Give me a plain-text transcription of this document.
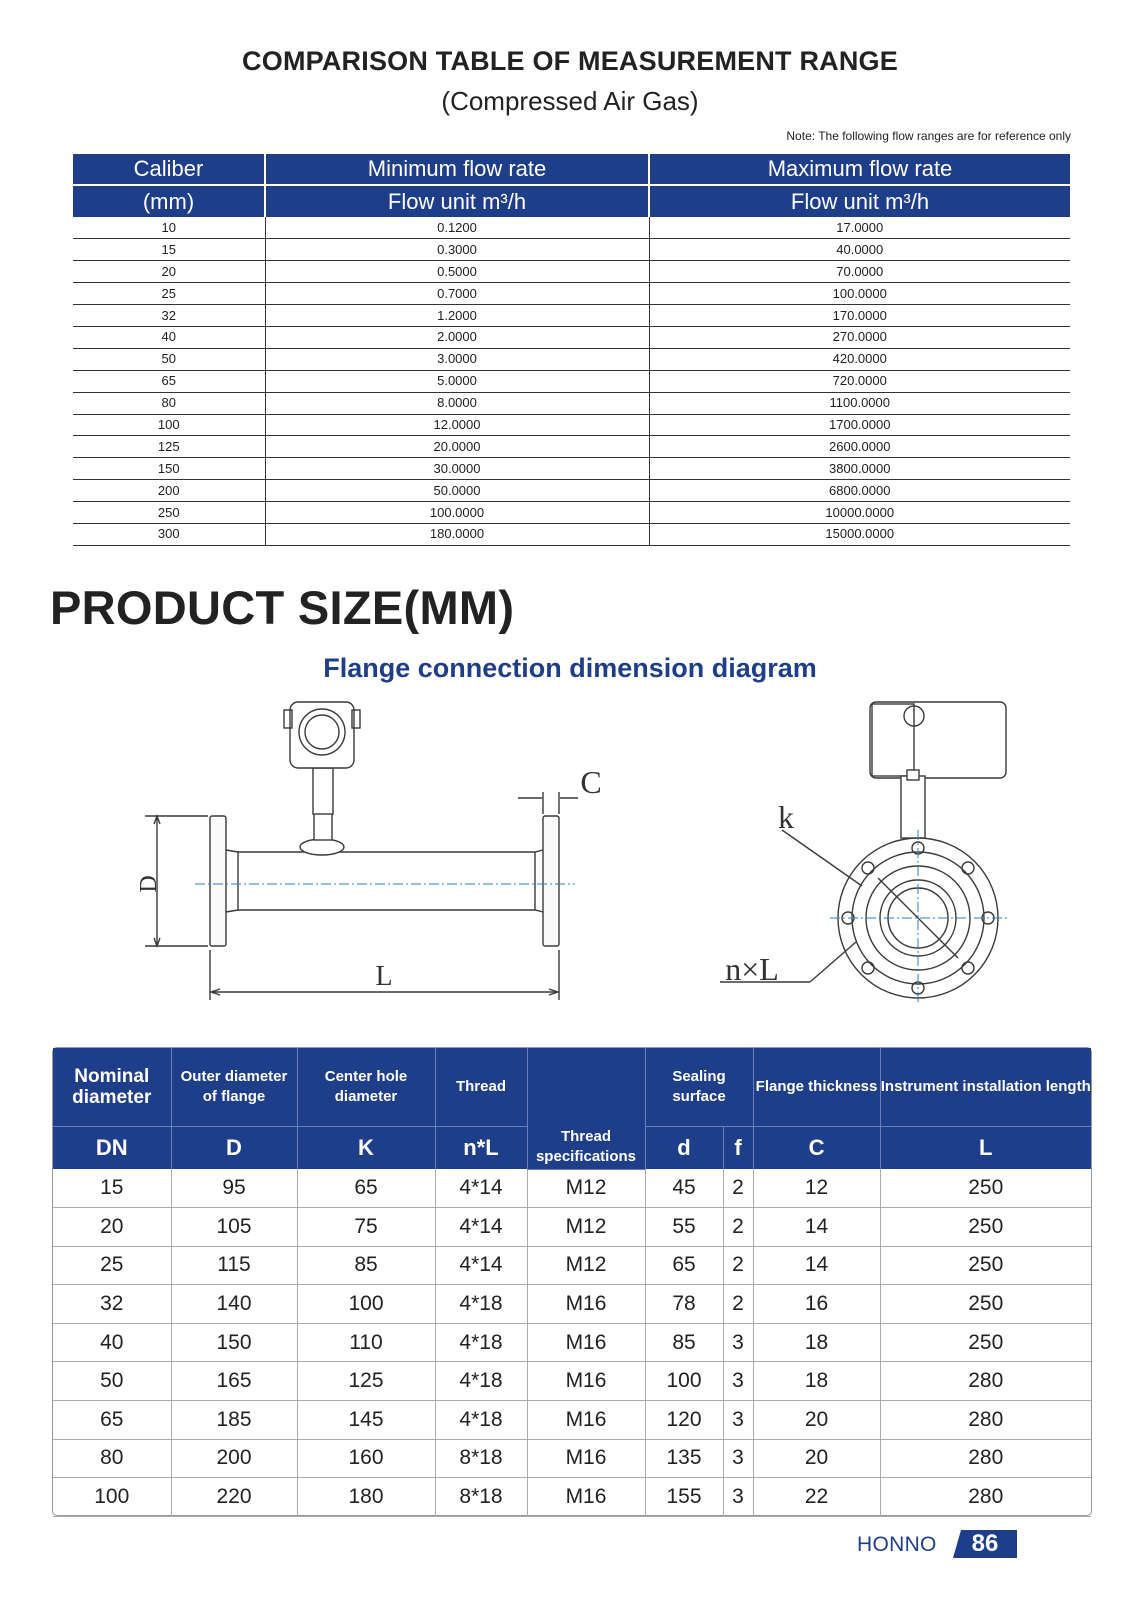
COMPARISON TABLE OF MEASUREMENT RANGE
(Compressed Air Gas)
Note: The following flow ranges are for reference only
Caliber	Minimum flow rate	Maximum flow rate
(mm)	Flow unit m³/h	Flow unit m³/h
10	0.1200	17.0000
15	0.3000	40.0000
20	0.5000	70.0000
25	0.7000	100.0000
32	1.2000	170.0000
40	2.0000	270.0000
50	3.0000	420.0000
65	5.0000	720.0000
80	8.0000	1100.0000
100	12.0000	1700.0000
125	20.0000	2600.0000
150	30.0000	3800.0000
200	50.0000	6800.0000
250	100.0000	10000.0000
300	180.0000	15000.0000
PRODUCT SIZE(MM)
Flange connection dimension diagram
D
L
C
k
n×L
Nominal diameter	Outer diameter of flange	Center hole diameter	Thread	Thread specifications	Sealing surface		Flange thickness	Instrument installation length
DN	D	K	n*L		d	f	C	L
15	95	65	4*14	M12	45	2	12	250
20	105	75	4*14	M12	55	2	14	250
25	115	85	4*14	M12	65	2	14	250
32	140	100	4*18	M16	78	2	16	250
40	150	110	4*18	M16	85	3	18	250
50	165	125	4*18	M16	100	3	18	280
65	185	145	4*18	M16	120	3	20	280
80	200	160	8*18	M16	135	3	20	280
100	220	180	8*18	M16	155	3	22	280
HONNO	86
